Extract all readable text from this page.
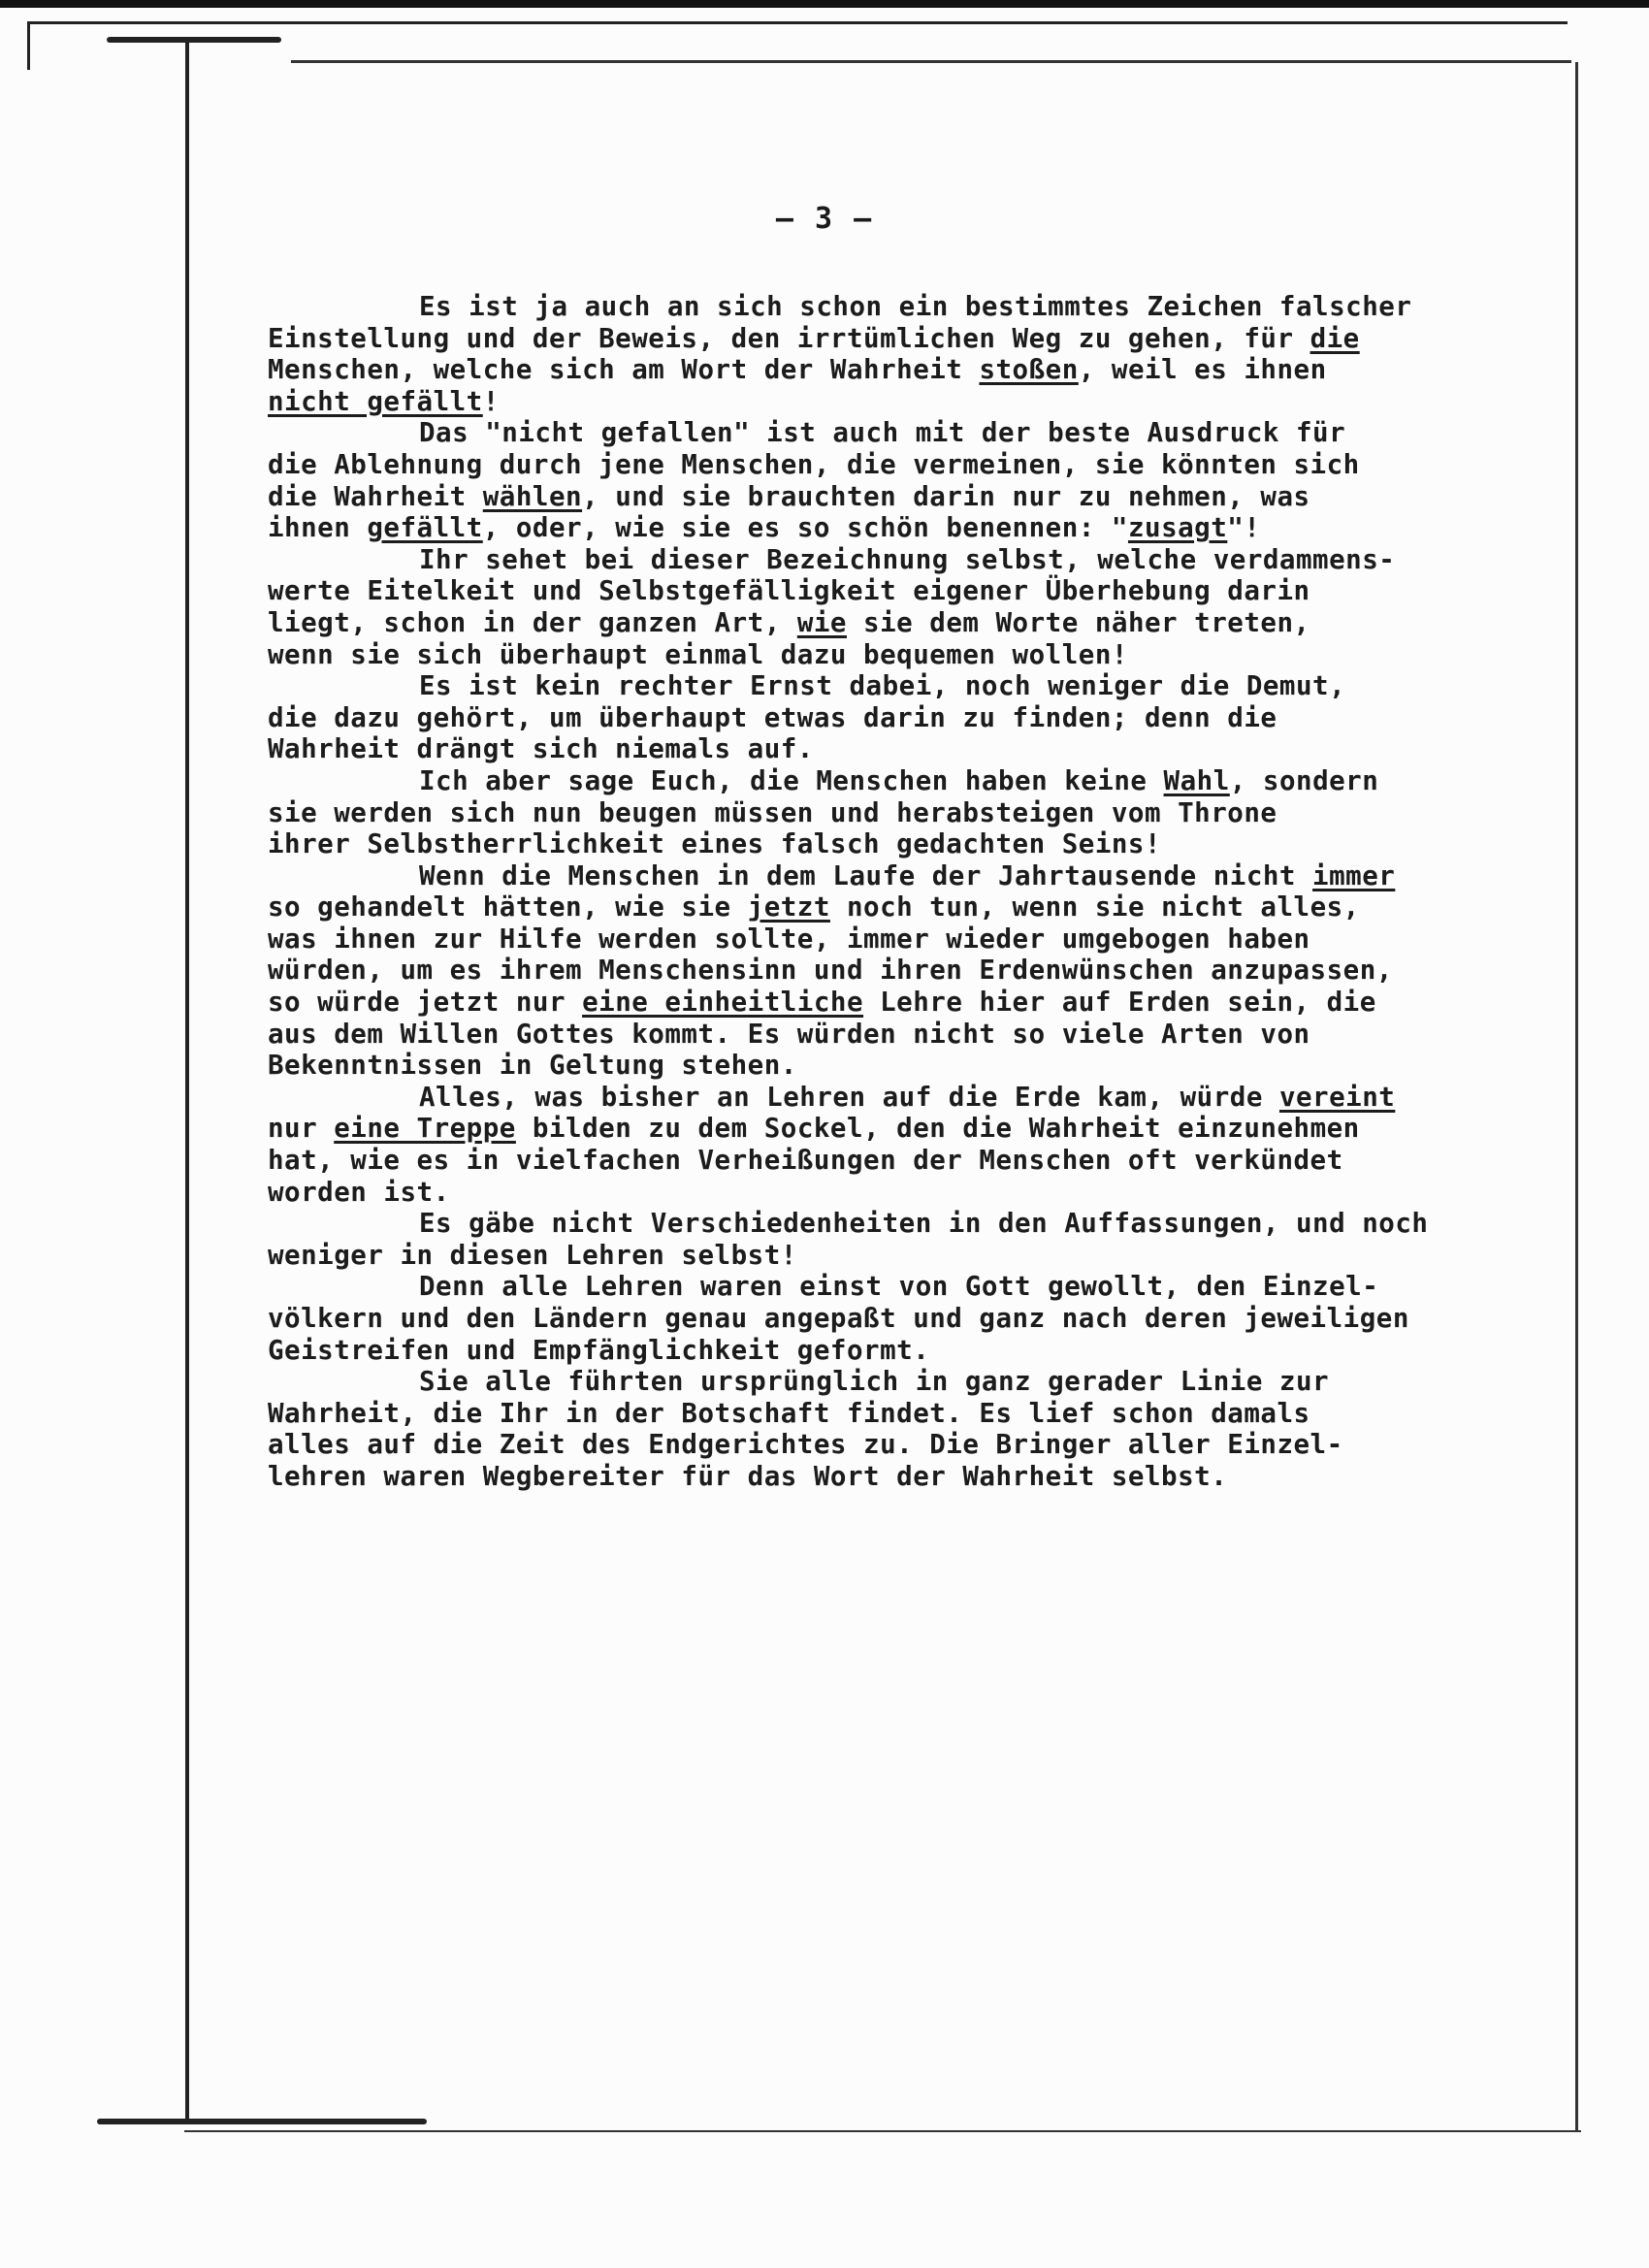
– 3 –
Es ist ja auch an sich schon ein bestimmtes Zeichen falscher
Einstellung und der Beweis, den irrtümlichen Weg zu gehen, für die
Menschen, welche sich am Wort der Wahrheit stoßen, weil es ihnen
nicht gefällt!
Das "nicht gefallen" ist auch mit der beste Ausdruck für
die Ablehnung durch jene Menschen, die vermeinen, sie könnten sich
die Wahrheit wählen, und sie brauchten darin nur zu nehmen, was
ihnen gefällt, oder, wie sie es so schön benennen: "zusagt"!
Ihr sehet bei dieser Bezeichnung selbst, welche verdammens-
werte Eitelkeit und Selbstgefälligkeit eigener Überhebung darin
liegt, schon in der ganzen Art, wie sie dem Worte näher treten,
wenn sie sich überhaupt einmal dazu bequemen wollen!
Es ist kein rechter Ernst dabei, noch weniger die Demut,
die dazu gehört, um überhaupt etwas darin zu finden; denn die
Wahrheit drängt sich niemals auf.
Ich aber sage Euch, die Menschen haben keine Wahl, sondern
sie werden sich nun beugen müssen und herabsteigen vom Throne
ihrer Selbstherrlichkeit eines falsch gedachten Seins!
Wenn die Menschen in dem Laufe der Jahrtausende nicht immer
so gehandelt hätten, wie sie jetzt noch tun, wenn sie nicht alles,
was ihnen zur Hilfe werden sollte, immer wieder umgebogen haben
würden, um es ihrem Menschensinn und ihren Erdenwünschen anzupassen,
so würde jetzt nur eine einheitliche Lehre hier auf Erden sein, die
aus dem Willen Gottes kommt. Es würden nicht so viele Arten von
Bekenntnissen in Geltung stehen.
Alles, was bisher an Lehren auf die Erde kam, würde vereint
nur eine Treppe bilden zu dem Sockel, den die Wahrheit einzunehmen
hat, wie es in vielfachen Verheißungen der Menschen oft verkündet
worden ist.
Es gäbe nicht Verschiedenheiten in den Auffassungen, und noch
weniger in diesen Lehren selbst!
Denn alle Lehren waren einst von Gott gewollt, den Einzel-
völkern und den Ländern genau angepaßt und ganz nach deren jeweiligen
Geistreifen und Empfänglichkeit geformt.
Sie alle führten ursprünglich in ganz gerader Linie zur
Wahrheit, die Ihr in der Botschaft findet. Es lief schon damals
alles auf die Zeit des Endgerichtes zu. Die Bringer aller Einzel-
lehren waren Wegbereiter für das Wort der Wahrheit selbst.
